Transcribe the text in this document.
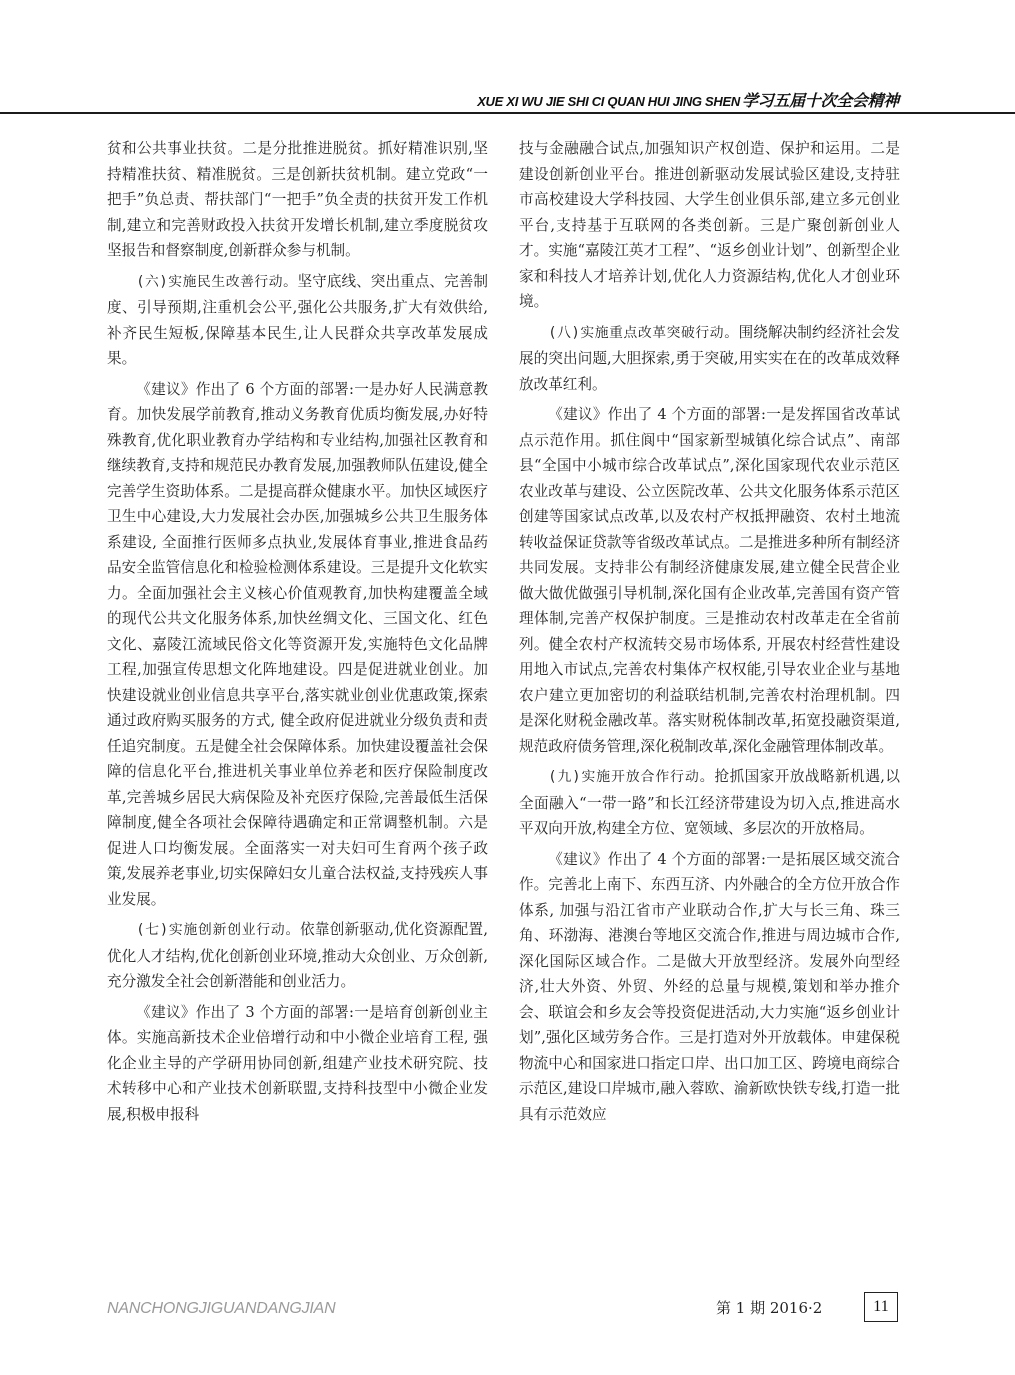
XUE XI WU JIE SHI CI QUAN HUI JING SHEN 学习五届十次全会精神

贫和公共事业扶贫。二是分批推进脱贫。抓好精准识别,坚持精准扶贫、精准脱贫。三是创新扶贫机制。建立党政“一把手”负总责、帮扶部门“一把手”负全责的扶贫开发工作机制,建立和完善财政投入扶贫开发增长机制,建立季度脱贫攻坚报告和督察制度,创新群众参与机制。

(六)实施民生改善行动。坚守底线、突出重点、完善制度、引导预期,注重机会公平,强化公共服务,扩大有效供给,补齐民生短板,保障基本民生,让人民群众共享改革发展成果。

《建议》作出了 6 个方面的部署:一是办好人民满意教育。加快发展学前教育,推动义务教育优质均衡发展,办好特殊教育,优化职业教育办学结构和专业结构,加强社区教育和继续教育,支持和规范民办教育发展,加强教师队伍建设,健全完善学生资助体系。二是提高群众健康水平。加快区域医疗卫生中心建设,大力发展社会办医,加强城乡公共卫生服务体系建设, 全面推行医师多点执业,发展体育事业,推进食品药品安全监管信息化和检验检测体系建设。三是提升文化软实力。全面加强社会主义核心价值观教育,加快构建覆盖全域的现代公共文化服务体系,加快丝绸文化、三国文化、红色文化、嘉陵江流域民俗文化等资源开发,实施特色文化品牌工程,加强宣传思想文化阵地建设。四是促进就业创业。加快建设就业创业信息共享平台,落实就业创业优惠政策,探索通过政府购买服务的方式, 健全政府促进就业分级负责和责任追究制度。五是健全社会保障体系。加快建设覆盖社会保障的信息化平台,推进机关事业单位养老和医疗保险制度改革,完善城乡居民大病保险及补充医疗保险,完善最低生活保障制度,健全各项社会保障待遇确定和正常调整机制。六是促进人口均衡发展。全面落实一对夫妇可生育两个孩子政策,发展养老事业,切实保障妇女儿童合法权益,支持残疾人事业发展。

(七)实施创新创业行动。依靠创新驱动,优化资源配置,优化人才结构,优化创新创业环境,推动大众创业、万众创新,充分激发全社会创新潜能和创业活力。

《建议》作出了 3 个方面的部署:一是培育创新创业主体。实施高新技术企业倍增行动和中小微企业培育工程, 强化企业主导的产学研用协同创新,组建产业技术研究院、技术转移中心和产业技术创新联盟,支持科技型中小微企业发展,积极申报科

技与金融融合试点,加强知识产权创造、保护和运用。二是建设创新创业平台。推进创新驱动发展试验区建设,支持驻市高校建设大学科技园、大学生创业俱乐部,建立多元创业平台,支持基于互联网的各类创新。三是广聚创新创业人才。实施“嘉陵江英才工程”、“返乡创业计划”、创新型企业家和科技人才培养计划,优化人力资源结构,优化人才创业环境。

(八)实施重点改革突破行动。围绕解决制约经济社会发展的突出问题,大胆探索,勇于突破,用实实在在的改革成效释放改革红利。

《建议》作出了 4 个方面的部署:一是发挥国省改革试点示范作用。抓住阆中“国家新型城镇化综合试点”、南部县“全国中小城市综合改革试点”,深化国家现代农业示范区农业改革与建设、公立医院改革、公共文化服务体系示范区创建等国家试点改革,以及农村产权抵押融资、农村土地流转收益保证贷款等省级改革试点。二是推进多种所有制经济共同发展。支持非公有制经济健康发展,建立健全民营企业做大做优做强引导机制,深化国有企业改革,完善国有资产管理体制,完善产权保护制度。三是推动农村改革走在全省前列。健全农村产权流转交易市场体系, 开展农村经营性建设用地入市试点,完善农村集体产权权能,引导农业企业与基地农户建立更加密切的利益联结机制,完善农村治理机制。四是深化财税金融改革。落实财税体制改革,拓宽投融资渠道,规范政府债务管理,深化税制改革,深化金融管理体制改革。

(九)实施开放合作行动。抢抓国家开放战略新机遇,以全面融入“一带一路”和长江经济带建设为切入点,推进高水平双向开放,构建全方位、宽领域、多层次的开放格局。

《建议》作出了 4 个方面的部署:一是拓展区域交流合作。完善北上南下、东西互济、内外融合的全方位开放合作体系, 加强与沿江省市产业联动合作,扩大与长三角、珠三角、环渤海、港澳台等地区交流合作,推进与周边城市合作,深化国际区域合作。二是做大开放型经济。发展外向型经济,壮大外资、外贸、外经的总量与规模,策划和举办推介会、联谊会和乡友会等投资促进活动,大力实施“返乡创业计划”,强化区域劳务合作。三是打造对外开放载体。申建保税物流中心和国家进口指定口岸、出口加工区、跨境电商综合示范区,建设口岸城市,融入蓉欧、渝新欧快铁专线,打造一批具有示范效应

NANCHONGJIGUANDANGJIAN	第 1 期 2016·2	11
